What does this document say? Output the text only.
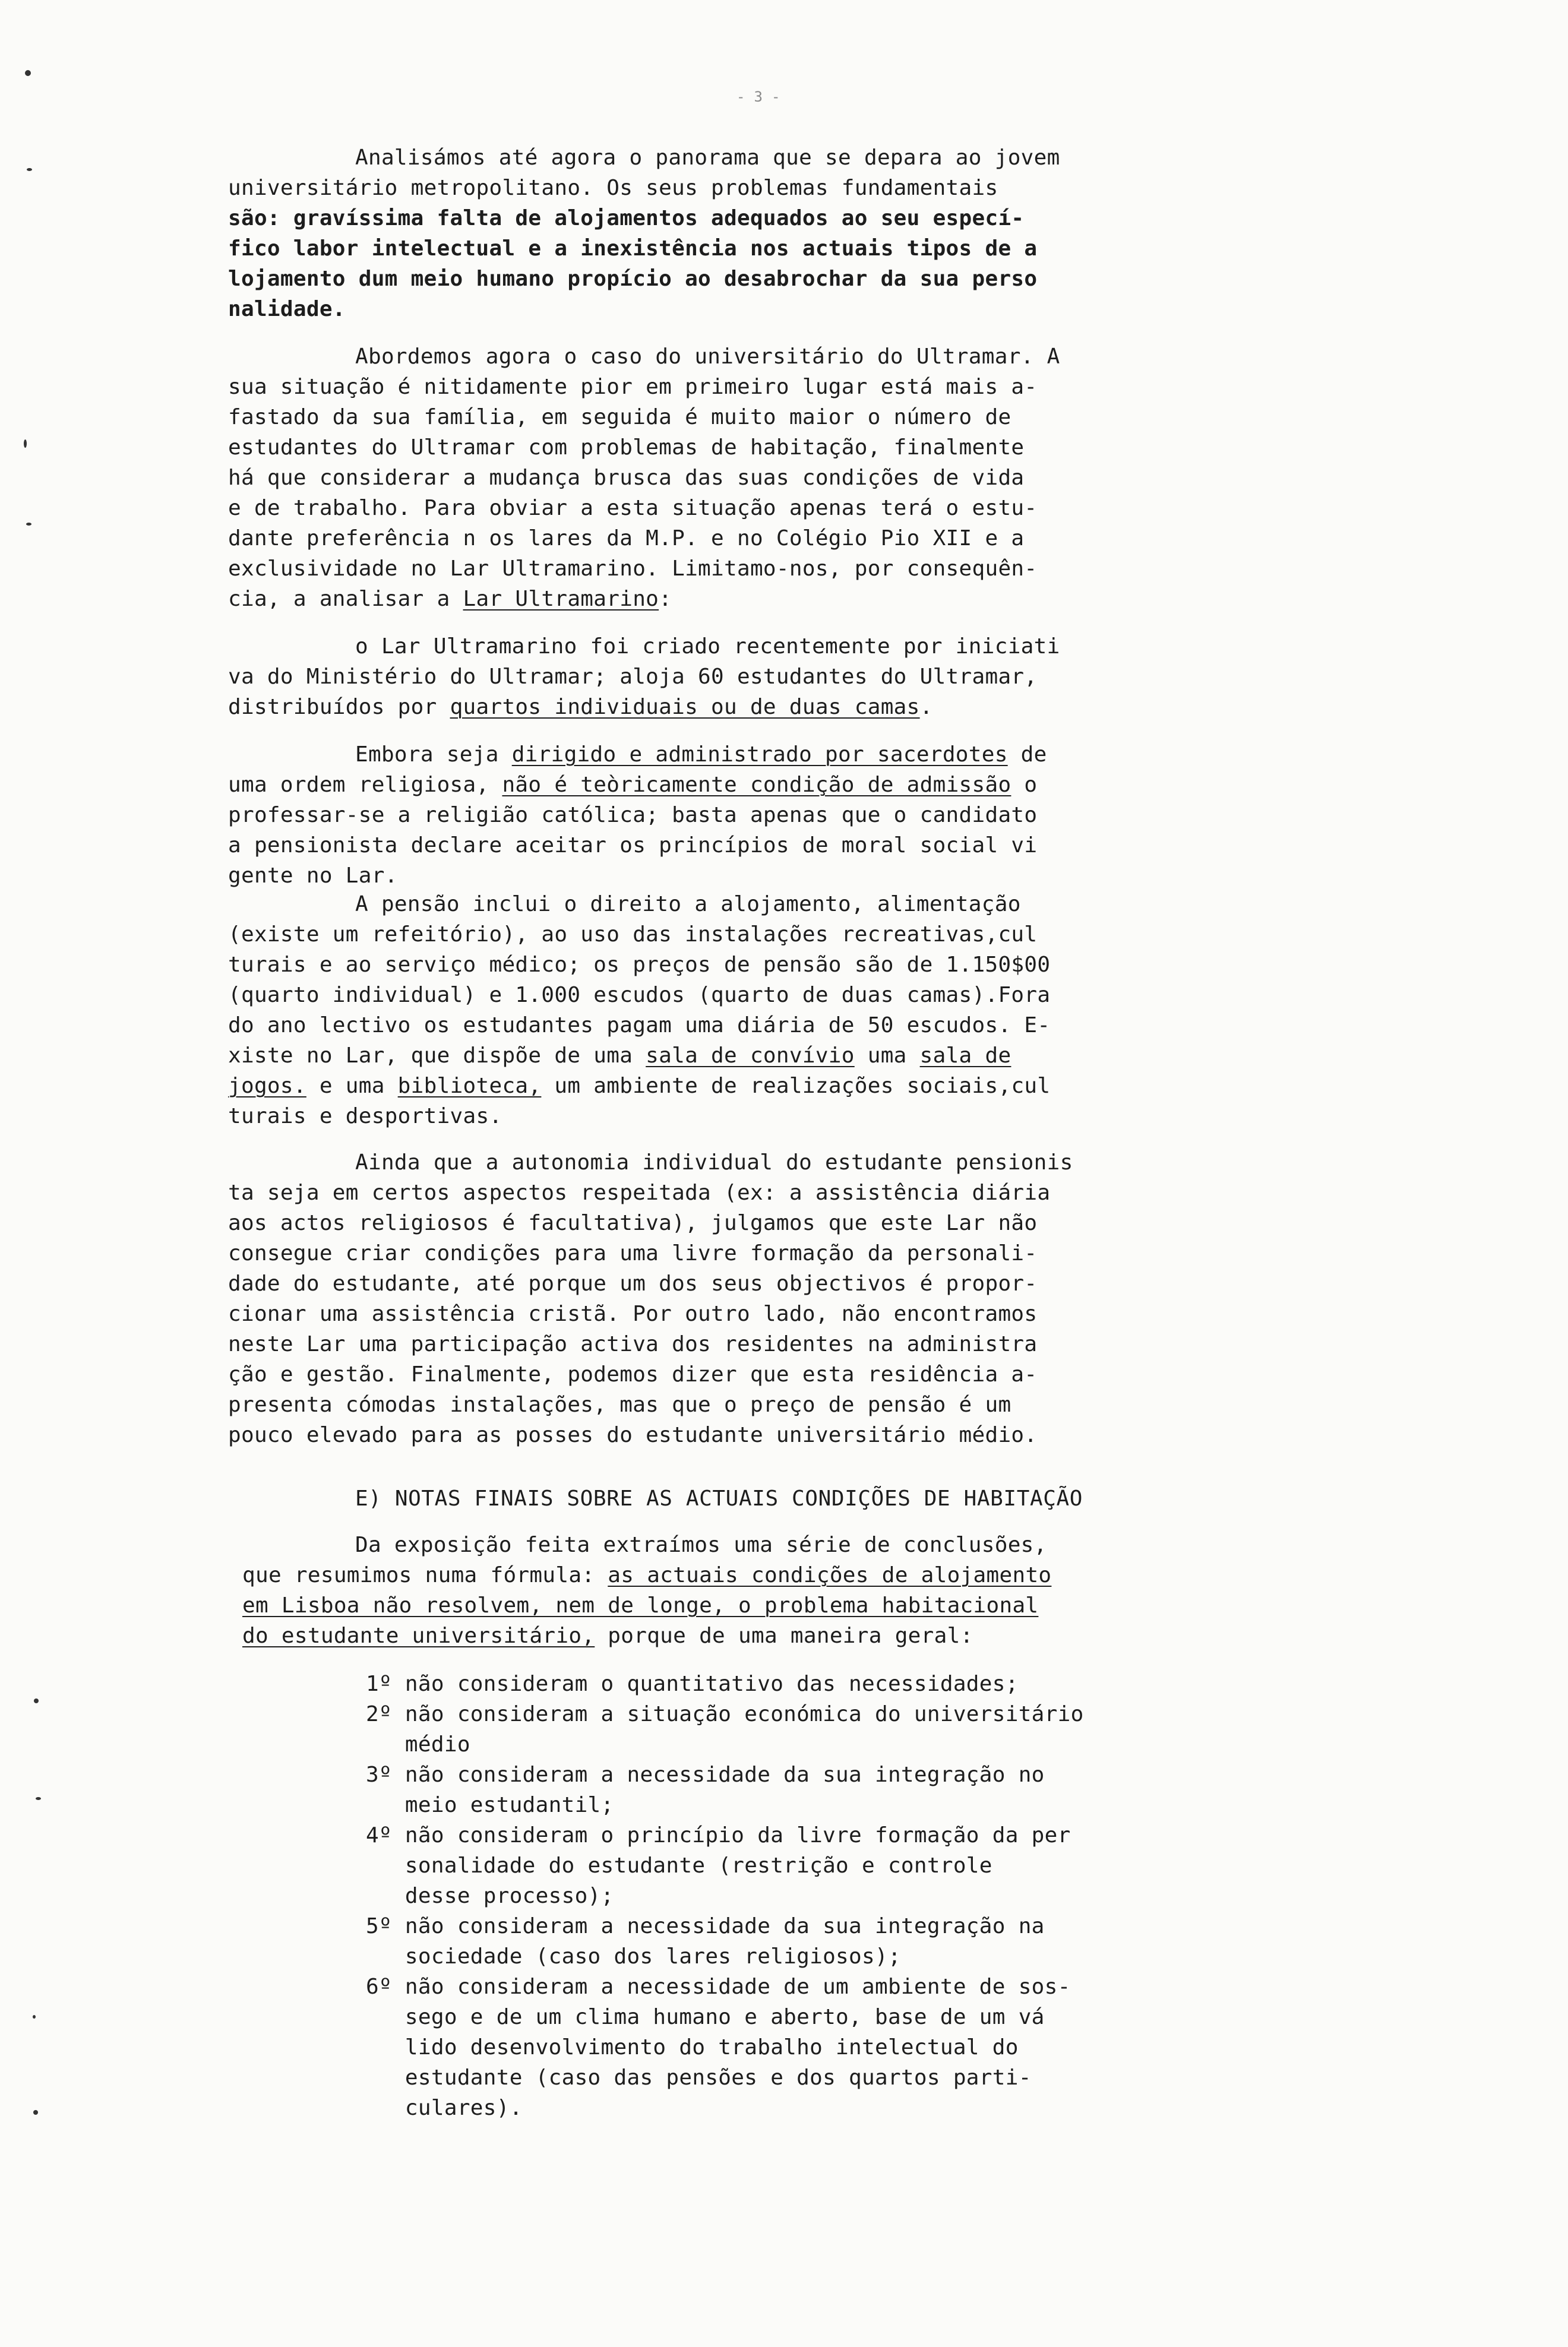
- 3 -
Analisámos até agora o panorama que se depara ao jovem
universitário metropolitano. Os seus problemas fundamentais
são: gravíssima falta de alojamentos adequados ao seu especí-
fico labor intelectual e a inexistência nos actuais tipos de a
lojamento dum meio humano propício ao desabrochar da sua perso
nalidade.
Abordemos agora o caso do universitário do Ultramar. A
sua situação é nitidamente pior em primeiro lugar está mais a-
fastado da sua família, em seguida é muito maior o número de
estudantes do Ultramar com problemas de habitação, finalmente
há que considerar a mudança brusca das suas condições de vida
e de trabalho. Para obviar a esta situação apenas terá o estu-
dante preferência n os lares da M.P. e no Colégio Pio XII e a
exclusividade no Lar Ultramarino. Limitamo-nos, por consequên-
cia, a analisar a Lar Ultramarino:
o Lar Ultramarino foi criado recentemente por iniciati
va do Ministério do Ultramar; aloja 60 estudantes do Ultramar,
distribuídos por quartos individuais ou de duas camas.
Embora seja dirigido e administrado por sacerdotes de
uma ordem religiosa, não é teòricamente condição de admissão o
professar-se a religião católica; basta apenas que o candidato
a pensionista declare aceitar os princípios de moral social vi
gente no Lar.
A pensão inclui o direito a alojamento, alimentação
(existe um refeitório), ao uso das instalações recreativas,cul
turais e ao serviço médico; os preços de pensão são de 1.150$00
(quarto individual) e 1.000 escudos (quarto de duas camas).Fora
do ano lectivo os estudantes pagam uma diária de 50 escudos. E-
xiste no Lar, que dispõe de uma sala de convívio uma sala de
jogos. e uma biblioteca, um ambiente de realizações sociais,cul
turais e desportivas.
Ainda que a autonomia individual do estudante pensionis
ta seja em certos aspectos respeitada (ex: a assistência diária
aos actos religiosos é facultativa), julgamos que este Lar não
consegue criar condições para uma livre formação da personali-
dade do estudante, até porque um dos seus objectivos é propor-
cionar uma assistência cristã. Por outro lado, não encontramos
neste Lar uma participação activa dos residentes na administra
ção e gestão. Finalmente, podemos dizer que esta residência a-
presenta cómodas instalações, mas que o preço de pensão é um
pouco elevado para as posses do estudante universitário médio.
E) NOTAS FINAIS SOBRE AS ACTUAIS CONDIÇÕES DE HABITAÇÃO
Da exposição feita extraímos uma série de conclusões,
que resumimos numa fórmula: as actuais condições de alojamento
em Lisboa não resolvem, nem de longe, o problema habitacional
do estudante universitário, porque de uma maneira geral:
1º não consideram o quantitativo das necessidades;
2º não consideram a situação económica do universitário
médio
3º não consideram a necessidade da sua integração no
meio estudantil;
4º não consideram o princípio da livre formação da per
sonalidade do estudante (restrição e controle
desse processo);
5º não consideram a necessidade da sua integração na
sociedade (caso dos lares religiosos);
6º não consideram a necessidade de um ambiente de sos-
sego e de um clima humano e aberto, base de um vá
lido desenvolvimento do trabalho intelectual do
estudante (caso das pensões e dos quartos parti-
culares).
